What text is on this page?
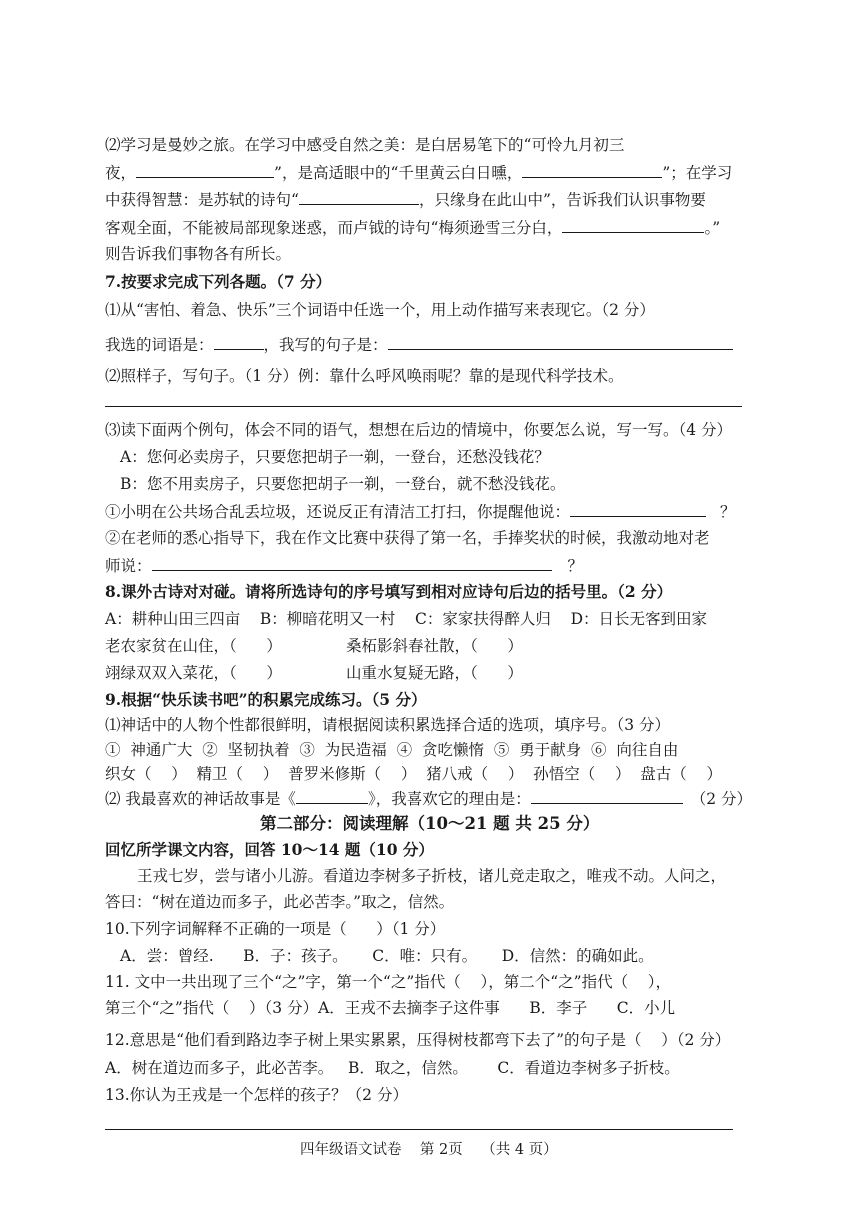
⑵学习是曼妙之旅。在学习中感受自然之美：是白居易笔下的“可怜九月初三
夜，	”，是高适眼中的“千里黄云白日曛，	”；在学习
中获得智慧：是苏轼的诗句“	，只缘身在此山中”，告诉我们认识事物要
客观全面，不能被局部现象迷惑，而卢钺的诗句“梅须逊雪三分白，	。”
则告诉我们事物各有所长。
7.按要求完成下列各题。（7 分）
⑴从“害怕、着急、快乐”三个词语中任选一个，用上动作描写来表现它。（2 分）
我选的词语是：	，我写的句子是：
⑵照样子，写句子。（1 分）例：靠什么呼风唤雨呢？靠的是现代科学技术。
⑶读下面两个例句，体会不同的语气，想想在后边的情境中，你要怎么说，写一写。（4 分）
A：您何必卖房子，只要您把胡子一剃，一登台，还愁没钱花？
B：您不用卖房子，只要您把胡子一剃，一登台，就不愁没钱花。
①小明在公共场合乱丢垃圾，还说反正有清洁工打扫，你提醒他说：	？
②在老师的悉心指导下，我在作文比赛中获得了第一名，手捧奖状的时候，我激动地对老
师说：	？
8.课外古诗对对碰。请将所选诗句的序号填写到相对应诗句后边的括号里。（2 分）
A：耕种山田三四亩    B：柳暗花明又一村    C：家家扶得醉人归    D：日长无客到田家
老农家贫在山住，（      ）	桑柘影斜春社散，（      ）
翊绿双双入菜花，（      ）	山重水复疑无路，（      ）
9.根据“快乐读书吧”的积累完成练习。（5 分）
⑴神话中的人物个性都很鲜明，请根据阅读积累选择合适的选项，填序号。（3 分）
①  神通广大  ②  坚韧执着  ③  为民造福  ④  贪吃懒惰  ⑤  勇于献身  ⑥  向往自由
织女（    ）  精卫（    ）  普罗米修斯（    ）  猪八戒（    ）  孙悟空（    ）  盘古（    ）
⑵ 我最喜欢的神话故事是《	》，我喜欢它的理由是：	（2 分）
第二部分：阅读理解（10～21 题 共 25 分）
回忆所学课文内容，回答 10～14 题（10 分）
王戎七岁，尝与诸小儿游。看道边李树多子折枝，诸儿竞走取之，唯戎不动。人问之，
答曰：“树在道边而多子，此必苦李。”取之，信然。
10.下列字词解释不正确的一项是（      ）（1 分）
A．尝：曾经.      B．子：孩子。     C．唯：只有。     D．信然：的确如此。
11. 文中一共出现了三个“之”字，第一个“之”指代（    ），第二个“之”指代（    ），
第三个“之”指代（    ）（3 分）A．王戎不去摘李子这件事      B．李子      C．小儿
12.意思是“他们看到路边李子树上果实累累，压得树枝都弯下去了”的句子是（    ）（2 分）
A．树在道边而多子，此必苦李。   B．取之，信然。      C．看道边李树多子折枝。
13.你认为王戎是一个怎样的孩子？（2 分）
四年级语文试卷    第 2页    （共 4 页）
